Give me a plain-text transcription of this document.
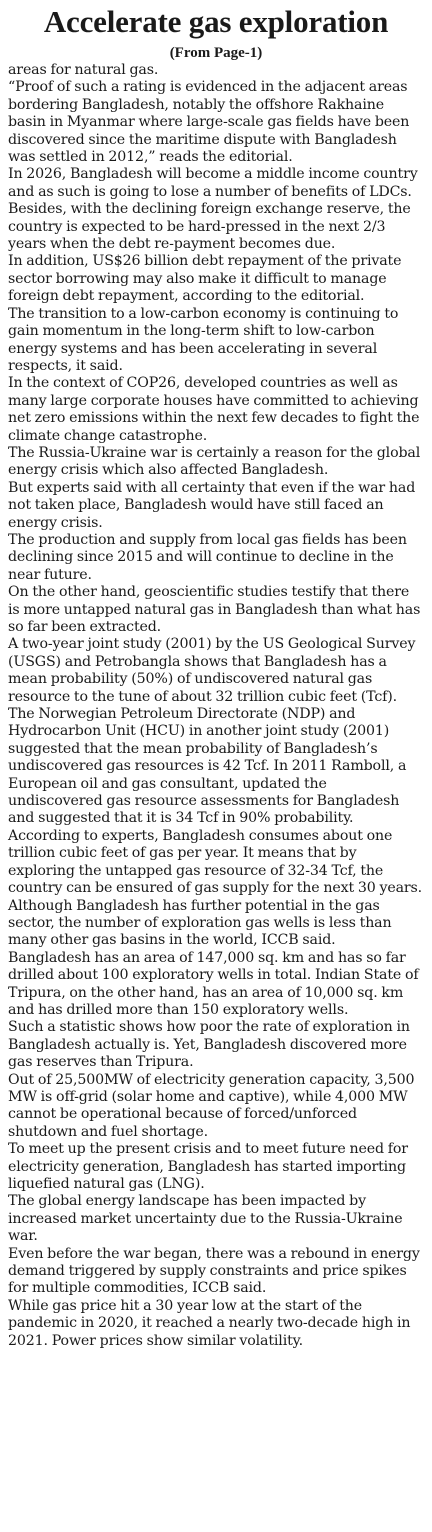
Accelerate gas exploration
(From Page-1)

areas for natural gas.

“Proof of such a rating is evidenced in the adjacent areas bordering Bangladesh, notably the offshore Rakhaine basin in Myanmar where large-scale gas fields have been discovered since the maritime dispute with Bangladesh was settled in 2012,” reads the editorial.

In 2026, Bangladesh will become a middle income country and as such is going to lose a number of benefits of LDCs.

Besides, with the declining foreign exchange reserve, the country is expected to be hard-pressed in the next 2/3 years when the debt re-payment becomes due.

In addition, US$26 billion debt repayment of the private sector borrowing may also make it difficult to manage foreign debt repayment, according to the editorial.

The transition to a low-carbon economy is continuing to gain momentum in the long-term shift to low-carbon energy systems and has been accelerating in several respects, it said.

In the context of COP26, developed countries as well as many large corporate houses have committed to achieving net zero emissions within the next few decades to fight the climate change catastrophe.

The Russia-Ukraine war is certainly a reason for the global energy crisis which also affected Bangladesh.

But experts said with all certainty that even if the war had not taken place, Bangladesh would have still faced an energy crisis.

The production and supply from local gas fields has been declining since 2015 and will continue to decline in the near future.

On the other hand, geoscientific studies testify that there is more untapped natural gas in Bangladesh than what has so far been extracted.

A two-year joint study (2001) by the US Geological Survey (USGS) and Petrobangla shows that Bangladesh has a mean probability (50%) of undiscovered natural gas resource to the tune of about 32 trillion cubic feet (Tcf).

The Norwegian Petroleum Directorate (NDP) and Hydrocarbon Unit (HCU) in another joint study (2001) suggested that the mean probability of Bangladesh’s undiscovered gas resources is 42 Tcf. In 2011 Ramboll, a European oil and gas consultant, updated the undiscovered gas resource assessments for Bangladesh and suggested that it is 34 Tcf in 90% probability.

According to experts, Bangladesh consumes about one trillion cubic feet of gas per year. It means that by exploring the untapped gas resource of 32-34 Tcf, the country can be ensured of gas supply for the next 30 years.

Although Bangladesh has further potential in the gas sector, the number of exploration gas wells is less than many other gas basins in the world, ICCB said.

Bangladesh has an area of 147,000 sq. km and has so far drilled about 100 exploratory wells in total. Indian State of Tripura, on the other hand, has an area of 10,000 sq. km and has drilled more than 150 exploratory wells.

Such a statistic shows how poor the rate of exploration in Bangladesh actually is. Yet, Bangladesh discovered more gas reserves than Tripura.

Out of 25,500MW of electricity generation capacity, 3,500 MW is off-grid (solar home and captive), while 4,000 MW cannot be operational because of forced/unforced shutdown and fuel shortage.

To meet up the present crisis and to meet future need for electricity generation, Bangladesh has started importing liquefied natural gas (LNG).

The global energy landscape has been impacted by increased market uncertainty due to the Russia-Ukraine war.

Even before the war began, there was a rebound in energy demand triggered by supply constraints and price spikes for multiple commodities, ICCB said.

While gas price hit a 30 year low at the start of the pandemic in 2020, it reached a nearly two-decade high in 2021. Power prices show similar volatility.
